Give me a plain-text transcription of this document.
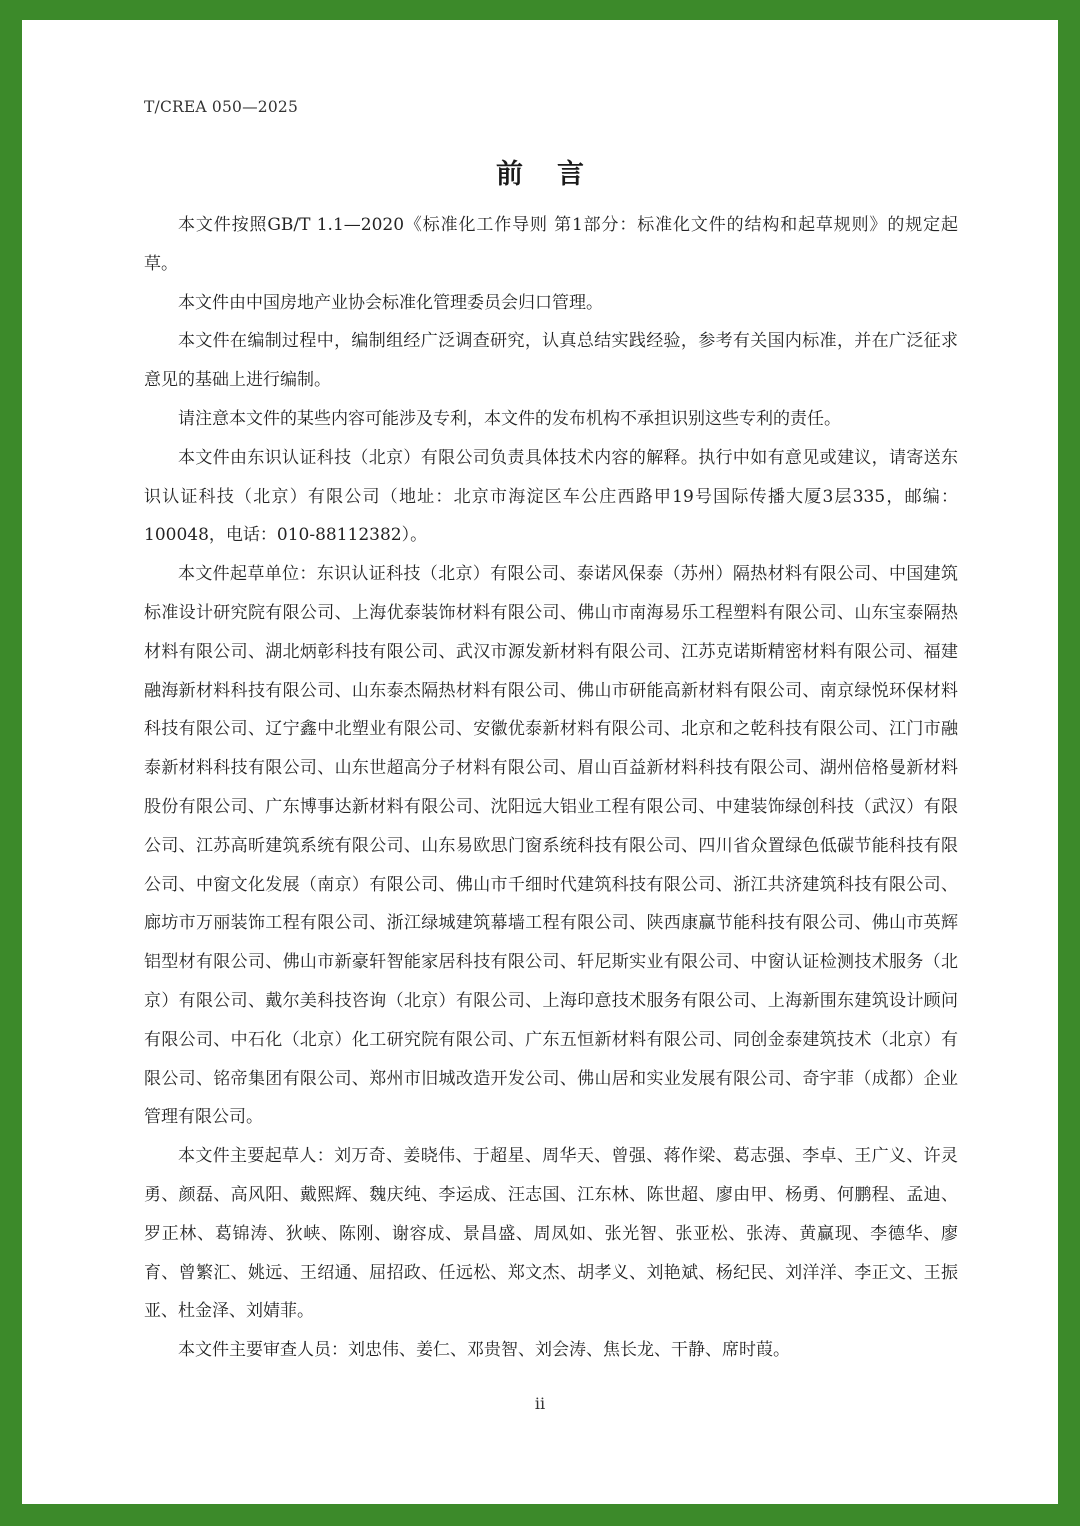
T/CREA 050—2025
前言

本文件按照GB/T 1.1—2020《标准化工作导则 第1部分：标准化文件的结构和起草规则》的规定起草。

本文件由中国房地产业协会标准化管理委员会归口管理。

本文件在编制过程中，编制组经广泛调查研究，认真总结实践经验，参考有关国内标准，并在广泛征求意见的基础上进行编制。

请注意本文件的某些内容可能涉及专利，本文件的发布机构不承担识别这些专利的责任。

本文件由东识认证科技（北京）有限公司负责具体技术内容的解释。执行中如有意见或建议，请寄送东识认证科技（北京）有限公司（地址：北京市海淀区车公庄西路甲19号国际传播大厦3层335，邮编：100048，电话：010-88112382）。

本文件起草单位：东识认证科技（北京）有限公司、泰诺风保泰（苏州）隔热材料有限公司、中国建筑标准设计研究院有限公司、上海优泰装饰材料有限公司、佛山市南海易乐工程塑料有限公司、山东宝泰隔热材料有限公司、湖北炳彰科技有限公司、武汉市源发新材料有限公司、江苏克诺斯精密材料有限公司、福建融海新材料科技有限公司、山东泰杰隔热材料有限公司、佛山市研能高新材料有限公司、南京绿悦环保材料科技有限公司、辽宁鑫中北塑业有限公司、安徽优泰新材料有限公司、北京和之乾科技有限公司、江门市融泰新材料科技有限公司、山东世超高分子材料有限公司、眉山百益新材料科技有限公司、湖州倍格曼新材料股份有限公司、广东博事达新材料有限公司、沈阳远大铝业工程有限公司、中建装饰绿创科技（武汉）有限公司、江苏高昕建筑系统有限公司、山东易欧思门窗系统科技有限公司、四川省众置绿色低碳节能科技有限公司、中窗文化发展（南京）有限公司、佛山市千细时代建筑科技有限公司、浙江共济建筑科技有限公司、廊坊市万丽装饰工程有限公司、浙江绿城建筑幕墙工程有限公司、陕西康赢节能科技有限公司、佛山市英辉铝型材有限公司、佛山市新豪轩智能家居科技有限公司、轩尼斯实业有限公司、中窗认证检测技术服务（北京）有限公司、戴尔美科技咨询（北京）有限公司、上海印意技术服务有限公司、上海新围东建筑设计顾问有限公司、中石化（北京）化工研究院有限公司、广东五恒新材料有限公司、同创金泰建筑技术（北京）有限公司、铭帝集团有限公司、郑州市旧城改造开发公司、佛山居和实业发展有限公司、奇宇菲（成都）企业管理有限公司。

本文件主要起草人：刘万奇、姜晓伟、于超星、周华天、曾强、蒋作梁、葛志强、李卓、王广义、许灵勇、颜磊、高风阳、戴熙辉、魏庆纯、李运成、汪志国、江东林、陈世超、廖由甲、杨勇、何鹏程、孟迪、罗正林、葛锦涛、狄峡、陈刚、谢容成、景昌盛、周凤如、张光智、张亚松、张涛、黄赢现、李德华、廖育、曾繁汇、姚远、王绍通、屈招政、任远松、郑文杰、胡孝义、刘艳斌、杨纪民、刘洋洋、李正文、王振亚、杜金泽、刘婧菲。

本文件主要审查人员：刘忠伟、姜仁、邓贵智、刘会涛、焦长龙、干静、席时葭。

ii
